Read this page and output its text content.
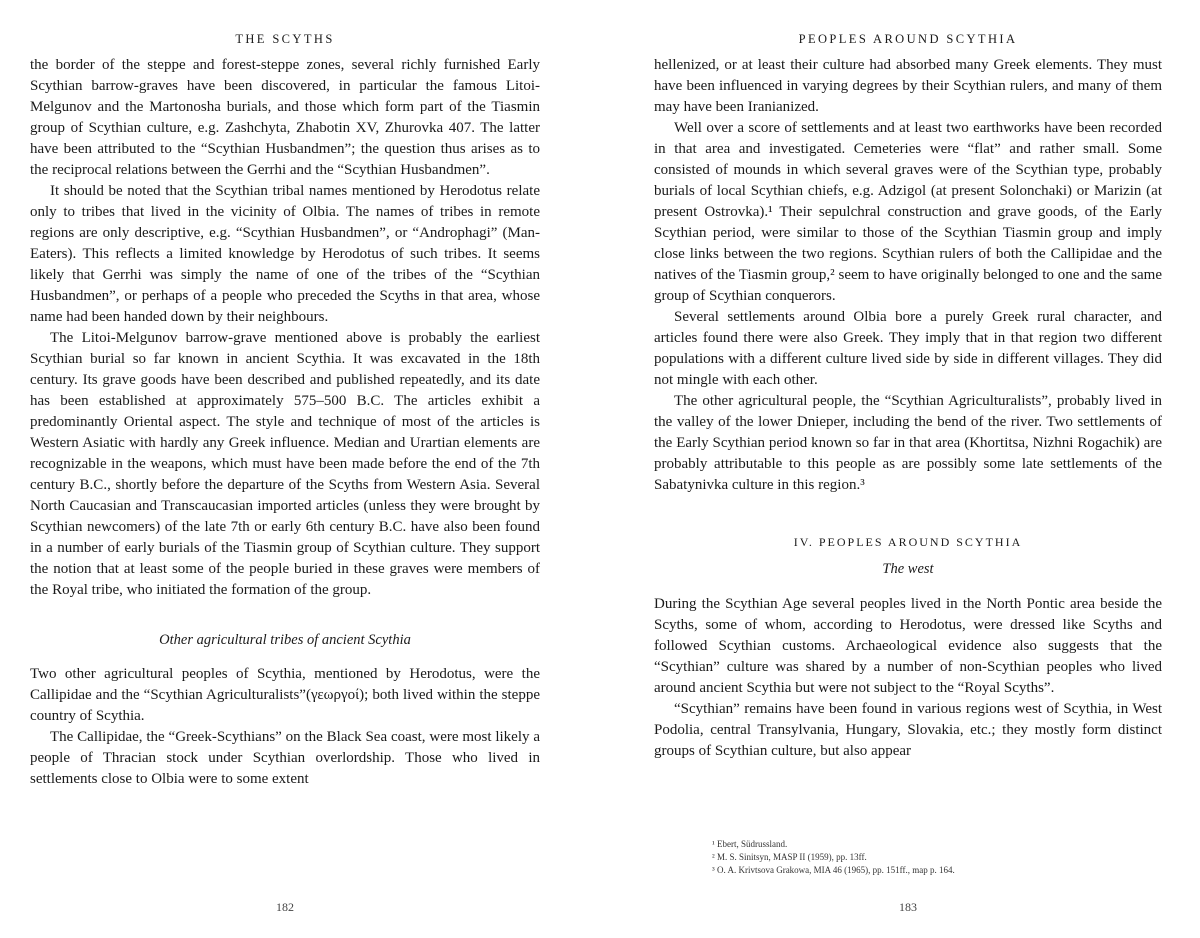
THE SCYTHS

the border of the steppe and forest-steppe zones, several richly furnished Early Scythian barrow-graves have been discovered, in particular the famous Litoi-Melgunov and the Martonosha burials, and those which form part of the Tiasmin group of Scythian culture, e.g. Zashchyta, Zhabotin XV, Zhurovka 407. The latter have been attributed to the “Scythian Husbandmen”; the question thus arises as to the reciprocal relations between the Gerrhi and the “Scythian Husbandmen”.

It should be noted that the Scythian tribal names mentioned by Herodotus relate only to tribes that lived in the vicinity of Olbia. The names of tribes in remote regions are only descriptive, e.g. “Scythian Husbandmen”, or “Androphagi” (Man-Eaters). This reflects a limited knowledge by Herodotus of such tribes. It seems likely that Gerrhi was simply the name of one of the tribes of the “Scythian Husbandmen”, or perhaps of a people who preceded the Scyths in that area, whose name had been handed down by their neighbours.

The Litoi-Melgunov barrow-grave mentioned above is probably the earliest Scythian burial so far known in ancient Scythia. It was excavated in the 18th century. Its grave goods have been described and published repeatedly, and its date has been established at approximately 575–500 B.C. The articles exhibit a predominantly Oriental aspect. The style and technique of most of the articles is Western Asiatic with hardly any Greek influence. Median and Urartian elements are recognizable in the weapons, which must have been made before the end of the 7th century B.C., shortly before the departure of the Scyths from Western Asia. Several North Caucasian and Transcaucasian imported articles (unless they were brought by Scythian newcomers) of the late 7th or early 6th century B.C. have also been found in a number of early burials of the Tiasmin group of Scythian culture. They support the notion that at least some of the people buried in these graves were members of the Royal tribe, who initiated the formation of the group.

Other agricultural tribes of ancient Scythia

Two other agricultural peoples of Scythia, mentioned by Herodotus, were the Callipidae and the “Scythian Agriculturalists”(γεωργοί); both lived within the steppe country of Scythia.

The Callipidae, the “Greek-Scythians” on the Black Sea coast, were most likely a people of Thracian stock under Scythian overlordship. Those who lived in settlements close to Olbia were to some extent

182
PEOPLES AROUND SCYTHIA

hellenized, or at least their culture had absorbed many Greek elements. They must have been influenced in varying degrees by their Scythian rulers, and many of them may have been Iranianized.

Well over a score of settlements and at least two earthworks have been recorded in that area and investigated. Cemeteries were “flat” and rather small. Some consisted of mounds in which several graves were of the Scythian type, probably burials of local Scythian chiefs, e.g. Adzigol (at present Solonchaki) or Marizin (at present Ostrovka).¹ Their sepulchral construction and grave goods, of the Early Scythian period, were similar to those of the Scythian Tiasmin group and imply close links between the two regions. Scythian rulers of both the Callipidae and the natives of the Tiasmin group,² seem to have originally belonged to one and the same group of Scythian conquerors.

Several settlements around Olbia bore a purely Greek rural character, and articles found there were also Greek. They imply that in that region two different populations with a different culture lived side by side in different villages. They did not mingle with each other.

The other agricultural people, the “Scythian Agriculturalists”, probably lived in the valley of the lower Dnieper, including the bend of the river. Two settlements of the Early Scythian period known so far in that area (Khortitsa, Nizhni Rogachik) are probably attributable to this people as are possibly some late settlements of the Sabatynivka culture in this region.³

IV. PEOPLES AROUND SCYTHIA

The west

During the Scythian Age several peoples lived in the North Pontic area beside the Scyths, some of whom, according to Herodotus, were dressed like Scyths and followed Scythian customs. Archaeological evidence also suggests that the “Scythian” culture was shared by a number of non-Scythian peoples who lived around ancient Scythia but were not subject to the “Royal Scyths”.

“Scythian” remains have been found in various regions west of Scythia, in West Podolia, central Transylvania, Hungary, Slovakia, etc.; they mostly form distinct groups of Scythian culture, but also appear

¹ Ebert, Südrussland.
² M. S. Sinitsyn, MASP II (1959), pp. 13ff.
³ O. A. Krivtsova Grakowa, MIA 46 (1965), pp. 151ff., map p. 164.
183
